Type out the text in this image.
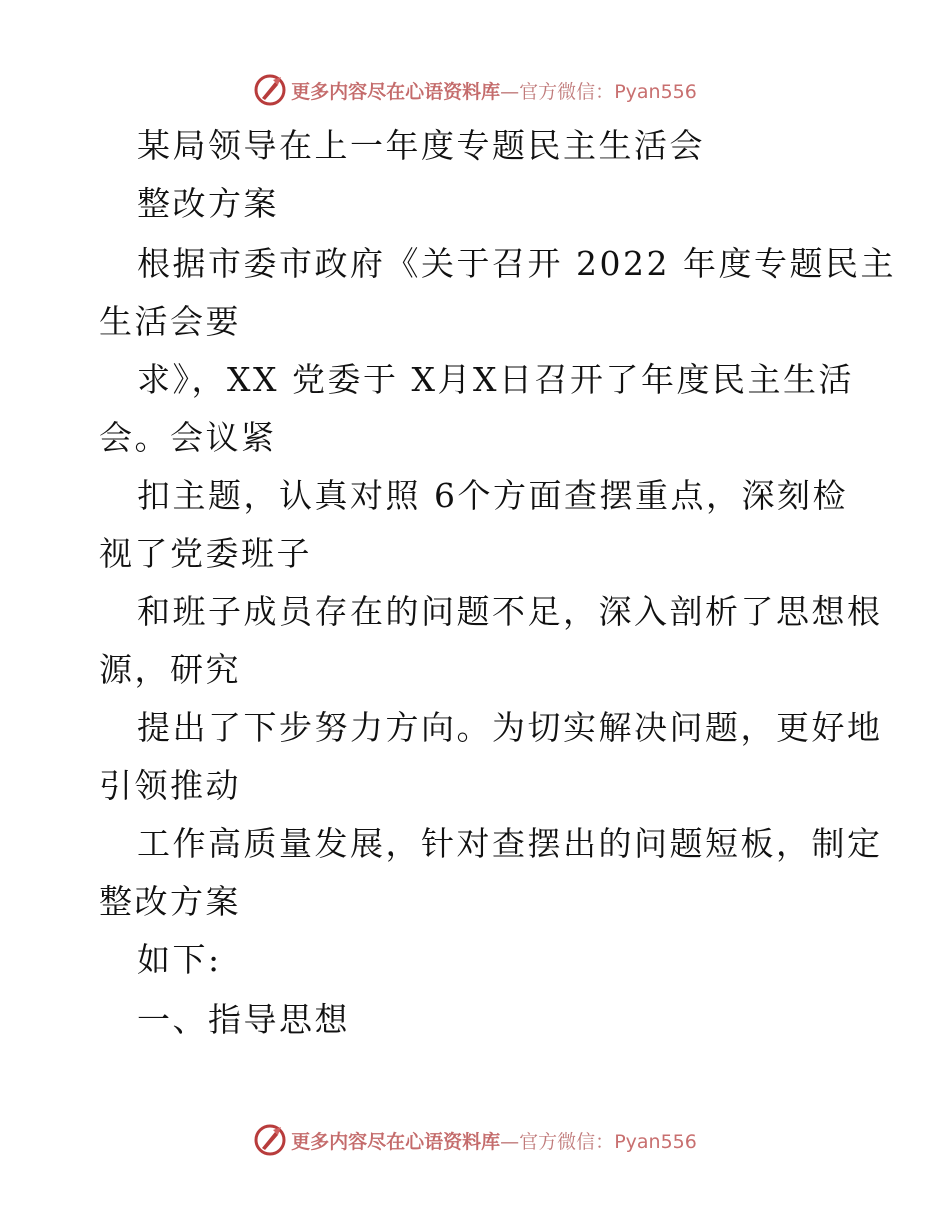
更多内容尽在心语资料库—官方微信：Pyan556
某局领导在上一年度专题民主生活会
整改方案
根据市委市政府《关于召开 2022 年度专题民主
生活会要
求》，XX 党委于 X月X日召开了年度民主生活
会。会议紧
扣主题，认真对照 6个方面查摆重点，深刻检
视了党委班子
和班子成员存在的问题不足，深入剖析了思想根
源，研究
提出了下步努力方向。为切实解决问题，更好地
引领推动
工作高质量发展，针对查摆出的问题短板，制定
整改方案
如下:
一、指导思想
更多内容尽在心语资料库—官方微信：Pyan556
